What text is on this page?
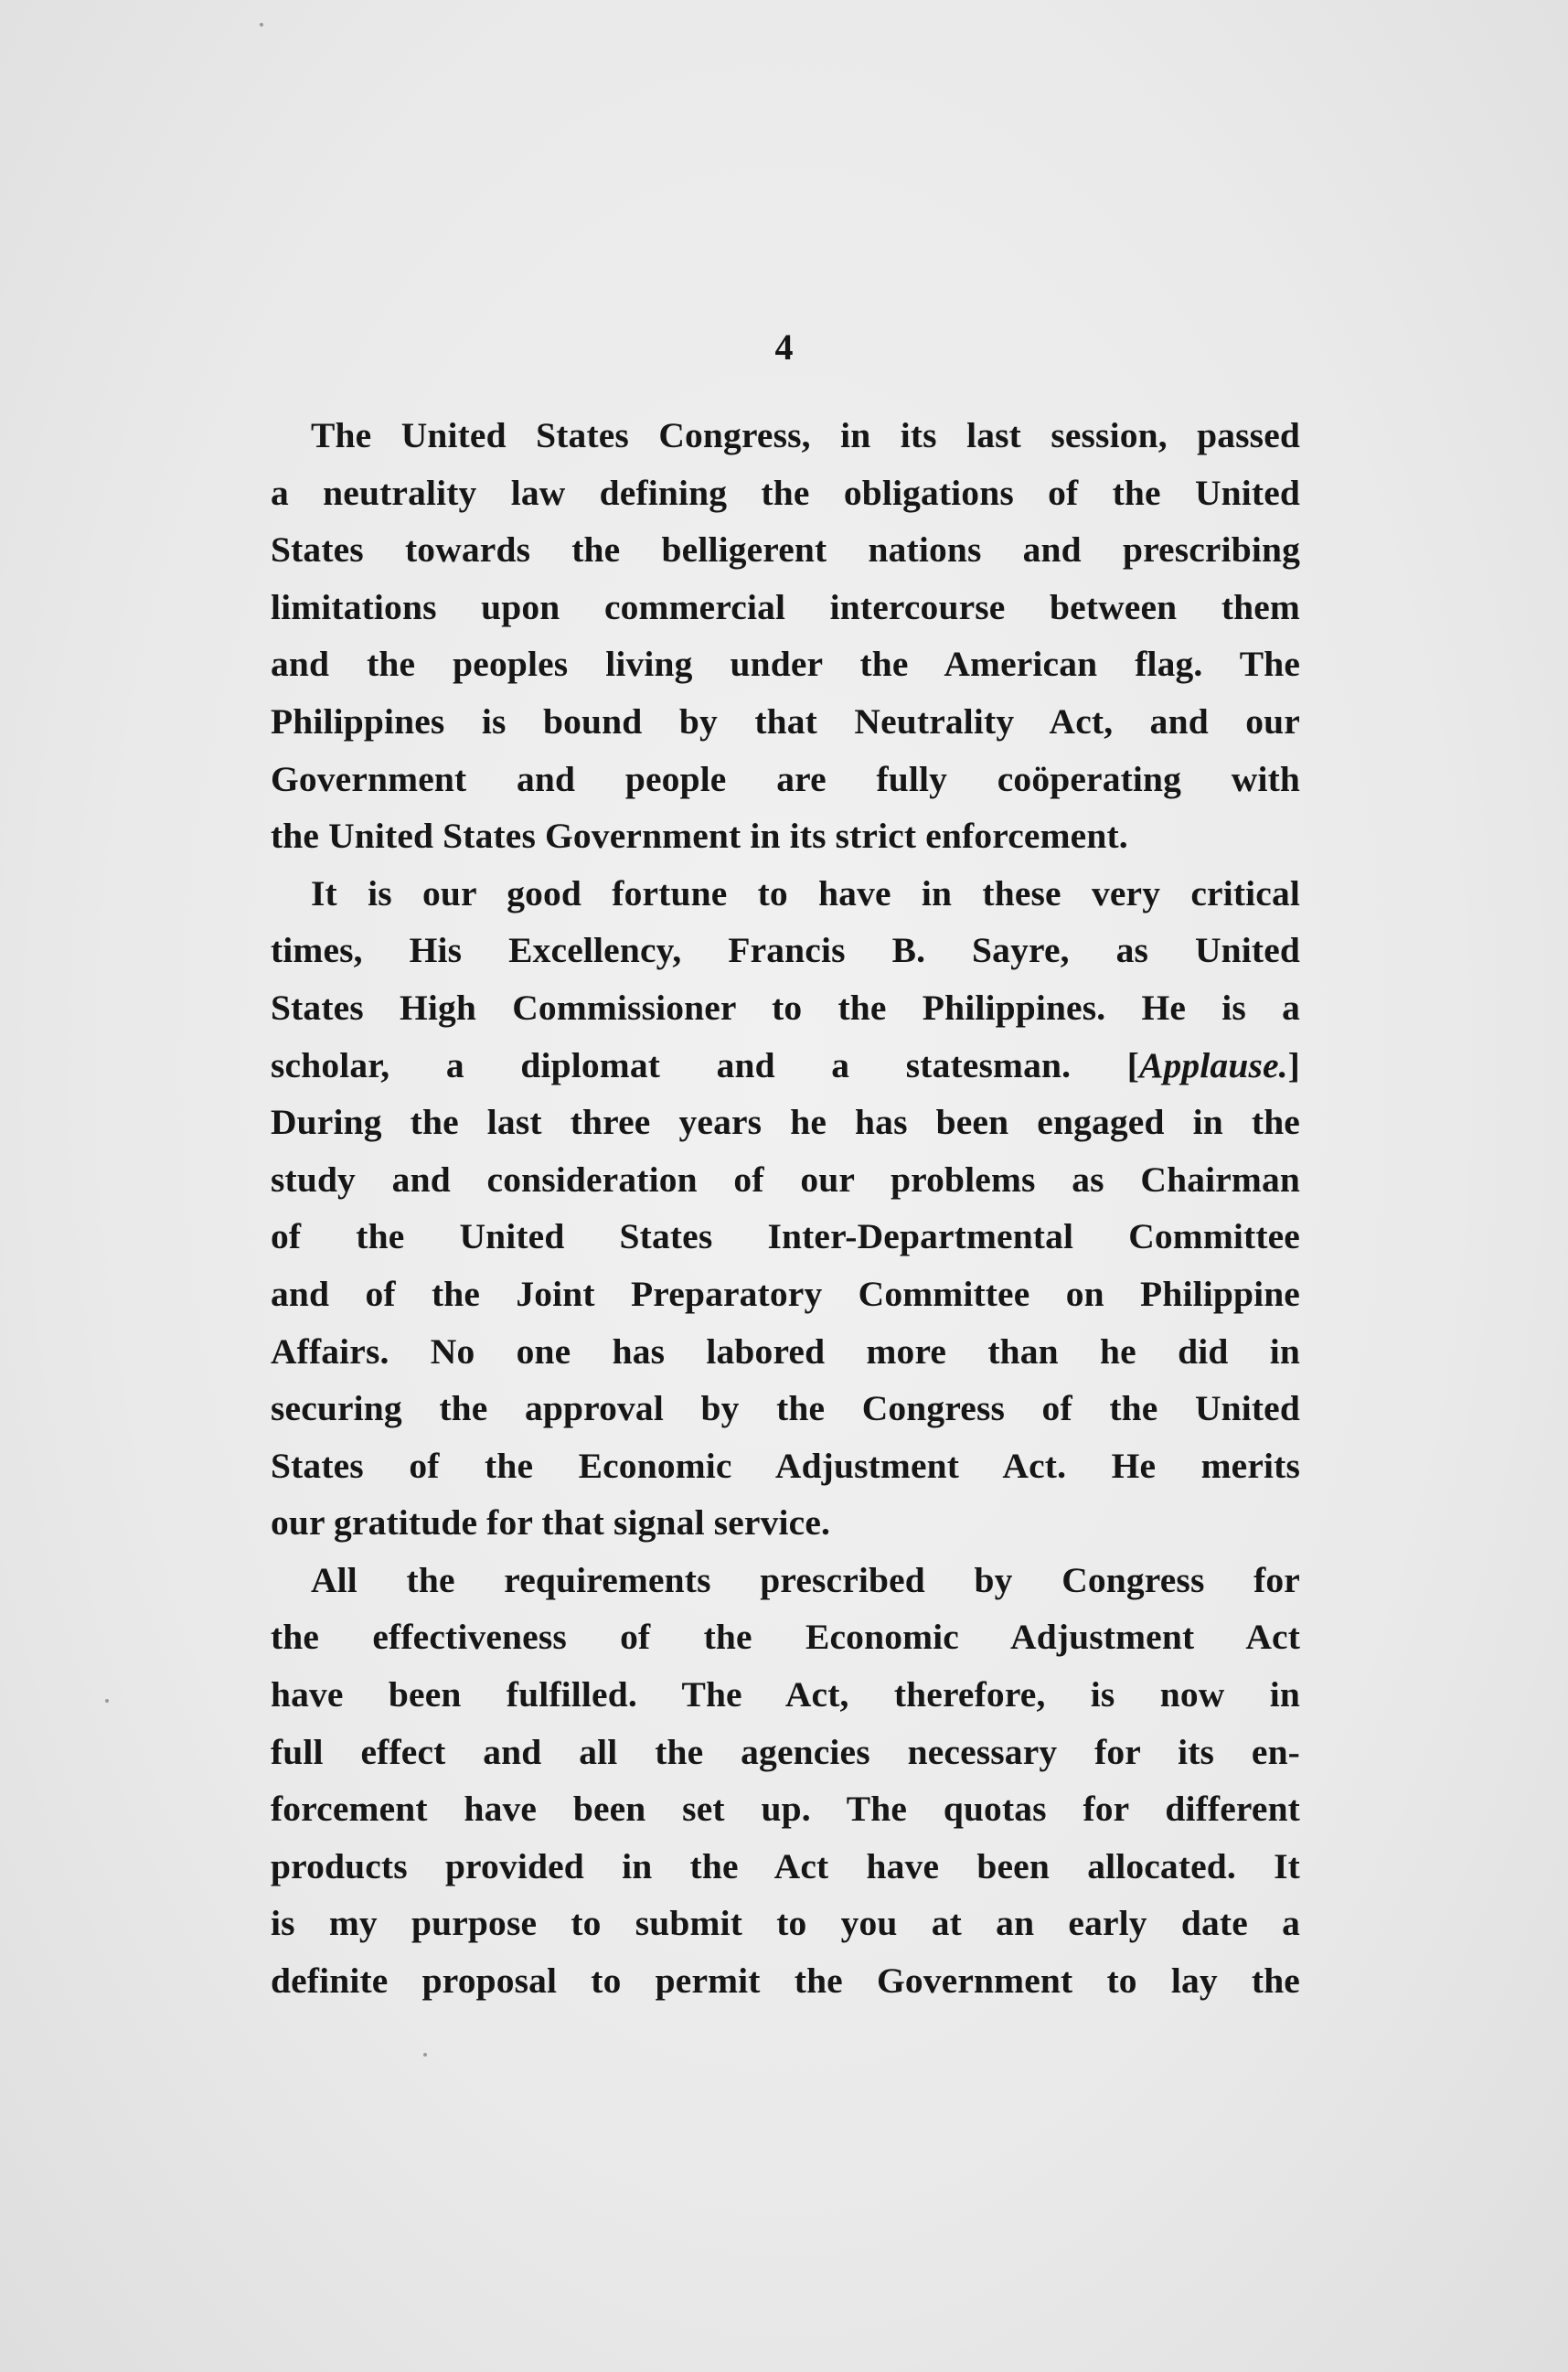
4
The United States Congress, in its last session, passed
a neutrality law defining the obligations of the United
States towards the belligerent nations and prescribing
limitations upon commercial intercourse between them
and the peoples living under the American flag. The
Philippines is bound by that Neutrality Act, and our
Government and people are fully coöperating with
the United States Government in its strict enforcement.
It is our good fortune to have in these very critical
times, His Excellency, Francis B. Sayre, as United
States High Commissioner to the Philippines. He is a
scholar, a diplomat and a statesman. [Applause.]
During the last three years he has been engaged in the
study and consideration of our problems as Chairman
of the United States Inter-Departmental Committee
and of the Joint Preparatory Committee on Philippine
Affairs. No one has labored more than he did in
securing the approval by the Congress of the United
States of the Economic Adjustment Act. He merits
our gratitude for that signal service.
All the requirements prescribed by Congress for
the effectiveness of the Economic Adjustment Act
have been fulfilled. The Act, therefore, is now in
full effect and all the agencies necessary for its en-
forcement have been set up. The quotas for different
products provided in the Act have been allocated. It
is my purpose to submit to you at an early date a
definite proposal to permit the Government to lay the
